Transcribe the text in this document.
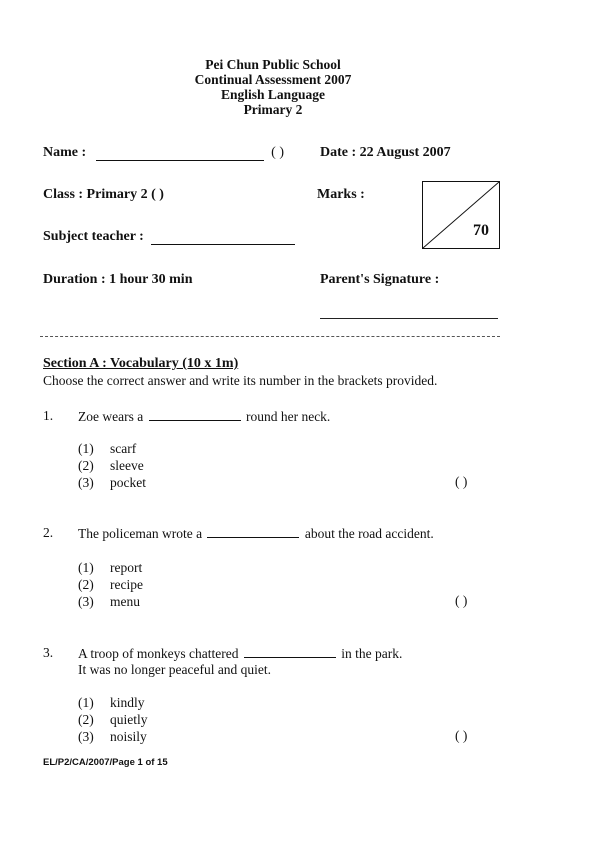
Pei Chun Public School
Continual Assessment 2007
English Language
Primary 2
Name :	( )	Date : 22 August 2007
Class : Primary 2 ( )	Marks :
70
Subject teacher :
Duration : 1 hour 30 min	Parent's Signature :
Section A : Vocabulary (10 x 1m)
Choose the correct answer and write its number in the brackets provided.
1. Zoe wears a	round her neck.
(1) scarf
(2) sleeve
(3) pocket	( )
2. The policeman wrote a	about the road accident.
(1) report
(2) recipe
(3) menu	( )
3. A troop of monkeys chattered	in the park.
It was no longer peaceful and quiet.
(1) kindly
(2) quietly
(3) noisily	( )
EL/P2/CA/2007/Page 1 of 15
